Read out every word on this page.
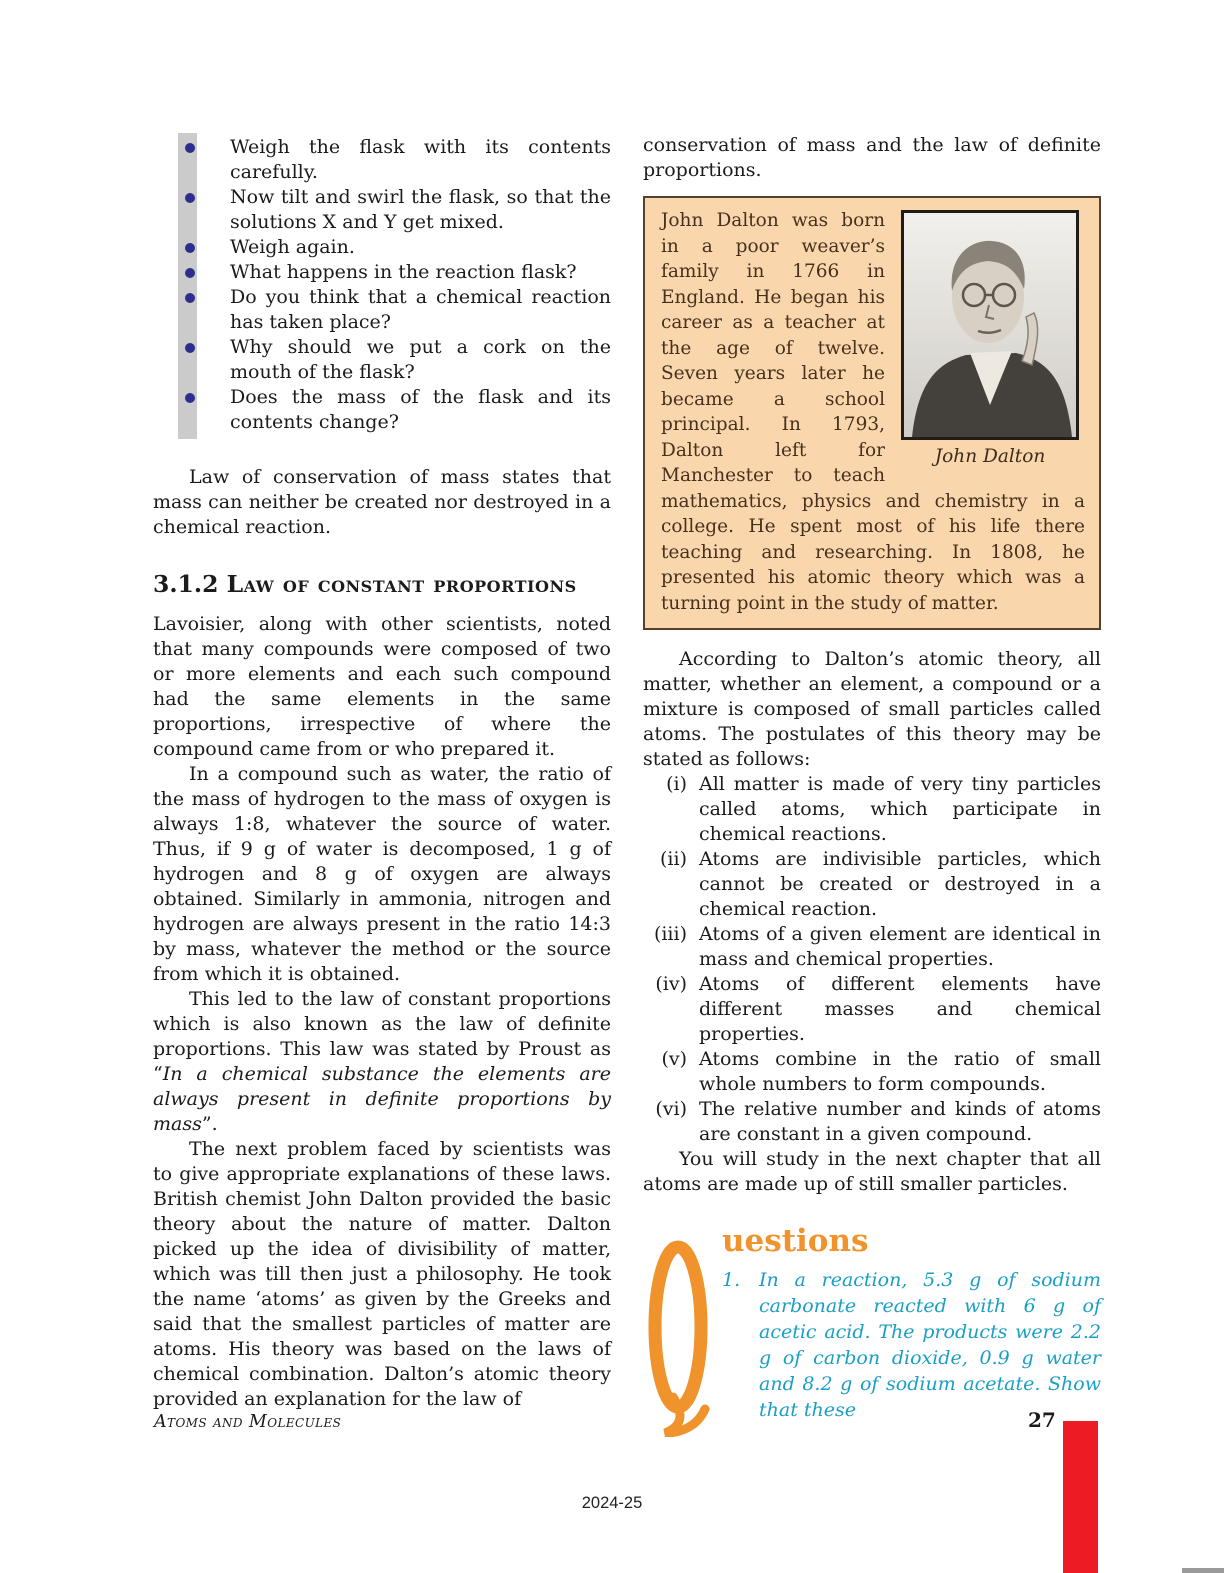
Weigh the flask with its contents carefully.
Now tilt and swirl the flask, so that the solutions X and Y get mixed.
Weigh again.
What happens in the reaction flask?
Do you think that a chemical reaction has taken place?
Why should we put a cork on the mouth of the flask?
Does the mass of the flask and its contents change?

Law of conservation of mass states that mass can neither be created nor destroyed in a chemical reaction.

3.1.2 Law of constant proportions

Lavoisier, along with other scientists, noted that many compounds were composed of two or more elements and each such compound had the same elements in the same proportions, irrespective of where the compound came from or who prepared it.

In a compound such as water, the ratio of the mass of hydrogen to the mass of oxygen is always 1:8, whatever the source of water. Thus, if 9 g of water is decomposed, 1 g of hydrogen and 8 g of oxygen are always obtained. Similarly in ammonia, nitrogen and hydrogen are always present in the ratio 14:3 by mass, whatever the method or the source from which it is obtained.

This led to the law of constant proportions which is also known as the law of definite proportions. This law was stated by Proust as “In a chemical substance the elements are always present in definite proportions by mass”.

The next problem faced by scientists was to give appropriate explanations of these laws. British chemist John Dalton provided the basic theory about the nature of matter. Dalton picked up the idea of divisibility of matter, which was till then just a philosophy. He took the name ‘atoms’ as given by the Greeks and said that the smallest particles of matter are atoms. His theory was based on the laws of chemical combination. Dalton’s atomic theory provided an explanation for the law of

conservation of mass and the law of definite proportions.

John Dalton

John Dalton was born in a poor weaver’s family in 1766 in England. He began his career as a teacher at the age of twelve. Seven years later he became a school principal. In 1793, Dalton left for Manchester to teach mathematics, physics and chemistry in a college. He spent most of his life there teaching and researching. In 1808, he presented his atomic theory which was a turning point in the study of matter.

According to Dalton’s atomic theory, all matter, whether an element, a compound or a mixture is composed of small particles called atoms. The postulates of this theory may be stated as follows:

(i) All matter is made of very tiny particles called atoms, which participate in chemical reactions.
(ii) Atoms are indivisible particles, which cannot be created or destroyed in a chemical reaction.
(iii) Atoms of a given element are identical in mass and chemical properties.
(iv) Atoms of different elements have different masses and chemical properties.
(v) Atoms combine in the ratio of small whole numbers to form compounds.
(vi) The relative number and kinds of atoms are constant in a given compound.

You will study in the next chapter that all atoms are made up of still smaller particles.

uestions
1. In a reaction, 5.3 g of sodium carbonate reacted with 6 g of acetic acid. The products were 2.2 g of carbon dioxide, 0.9 g water and 8.2 g of sodium acetate. Show that these
Atoms and Molecules	27
2024-25
